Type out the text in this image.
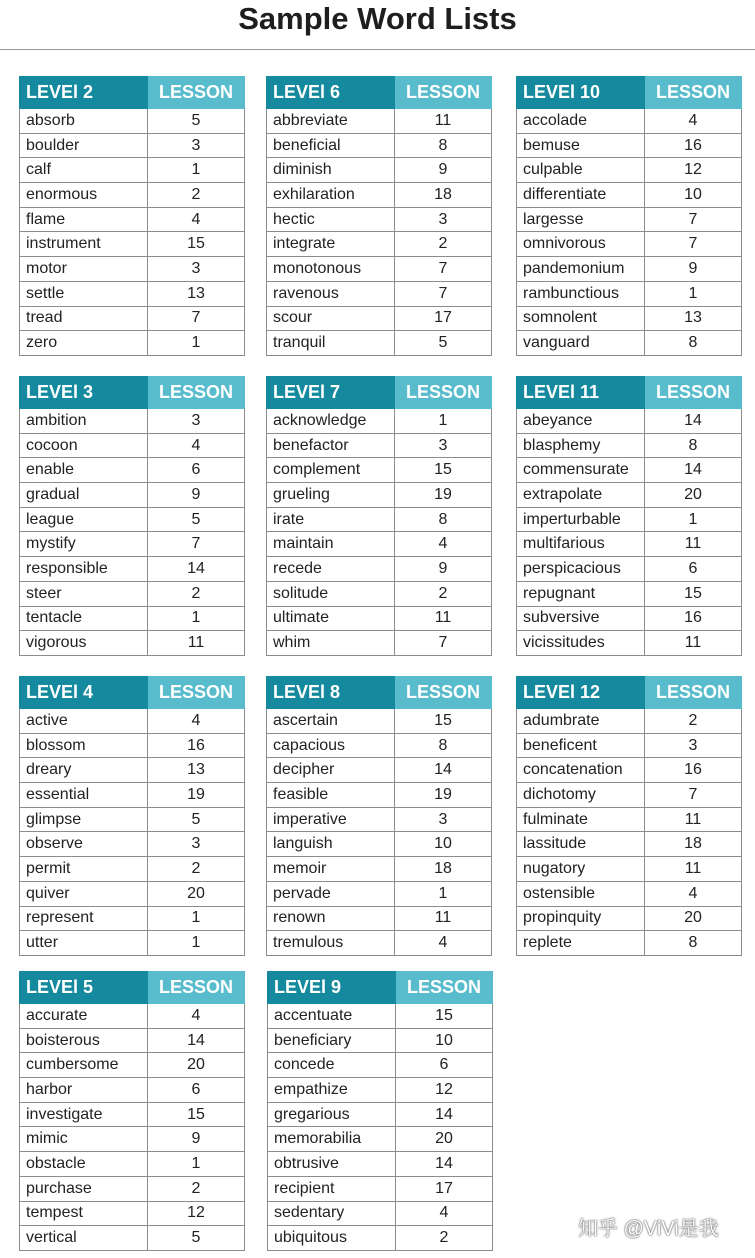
Sample Word Lists
LEVEl 2	LESSON
absorb	5
boulder	3
calf	1
enormous	2
flame	4
instrument	15
motor	3
settle	13
tread	7
zero	1
LEVEl 6	LESSON
abbreviate	11
beneficial	8
diminish	9
exhilaration	18
hectic	3
integrate	2
monotonous	7
ravenous	7
scour	17
tranquil	5
LEVEl 10	LESSON
accolade	4
bemuse	16
culpable	12
differentiate	10
largesse	7
omnivorous	7
pandemonium	9
rambunctious	1
somnolent	13
vanguard	8
LEVEl 3	LESSON
ambition	3
cocoon	4
enable	6
gradual	9
league	5
mystify	7
responsible	14
steer	2
tentacle	1
vigorous	11
LEVEl 7	LESSON
acknowledge	1
benefactor	3
complement	15
grueling	19
irate	8
maintain	4
recede	9
solitude	2
ultimate	11
whim	7
LEVEl 11	LESSON
abeyance	14
blasphemy	8
commensurate	14
extrapolate	20
imperturbable	1
multifarious	11
perspicacious	6
repugnant	15
subversive	16
vicissitudes	11
LEVEl 4	LESSON
active	4
blossom	16
dreary	13
essential	19
glimpse	5
observe	3
permit	2
quiver	20
represent	1
utter	1
LEVEl 8	LESSON
ascertain	15
capacious	8
decipher	14
feasible	19
imperative	3
languish	10
memoir	18
pervade	1
renown	11
tremulous	4
LEVEl 12	LESSON
adumbrate	2
beneficent	3
concatenation	16
dichotomy	7
fulminate	11
lassitude	18
nugatory	11
ostensible	4
propinquity	20
replete	8
LEVEl 5	LESSON
accurate	4
boisterous	14
cumbersome	20
harbor	6
investigate	15
mimic	9
obstacle	1
purchase	2
tempest	12
vertical	5
LEVEl 9	LESSON
accentuate	15
beneficiary	10
concede	6
empathize	12
gregarious	14
memorabilia	20
obtrusive	14
recipient	17
sedentary	4
ubiquitous	2	知乎 @ViVi是我
